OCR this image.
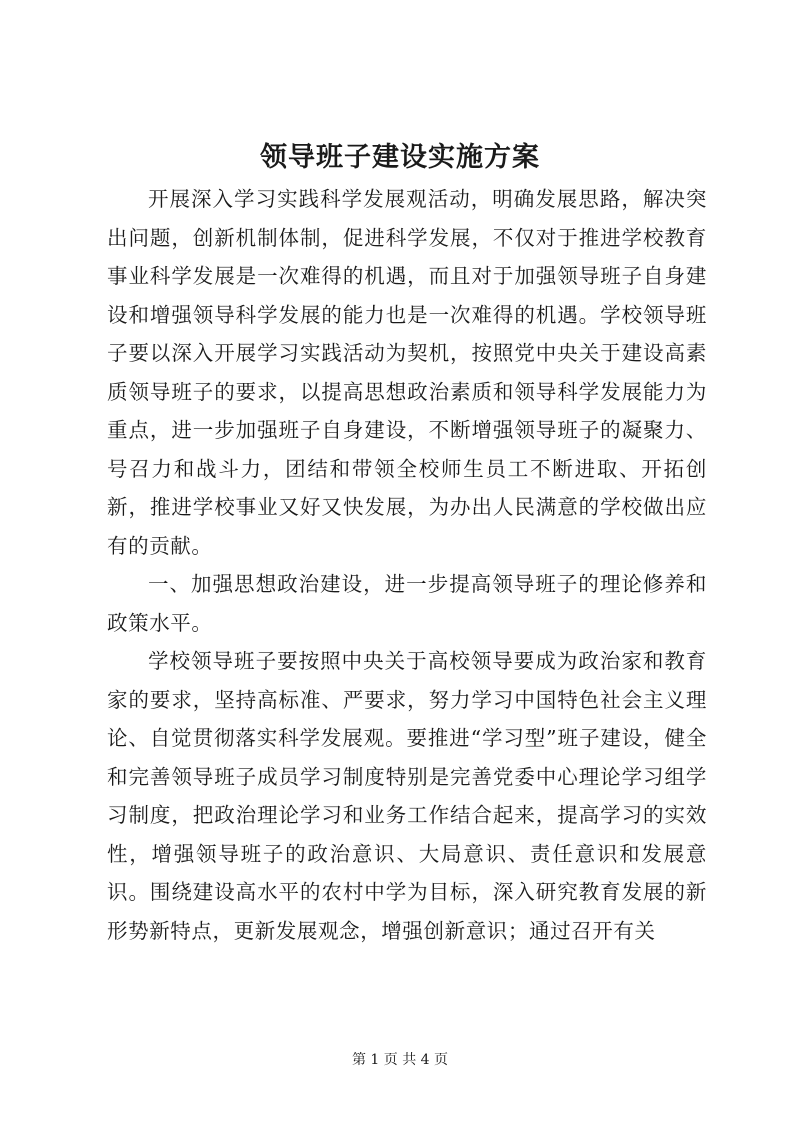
领导班子建设实施方案

开展深入学习实践科学发展观活动，明确发展思路，解决突出问题，创新机制体制，促进科学发展，不仅对于推进学校教育事业科学发展是一次难得的机遇，而且对于加强领导班子自身建设和增强领导科学发展的能力也是一次难得的机遇。学校领导班子要以深入开展学习实践活动为契机，按照党中央关于建设高素质领导班子的要求，以提高思想政治素质和领导科学发展能力为重点，进一步加强班子自身建设，不断增强领导班子的凝聚力、号召力和战斗力，团结和带领全校师生员工不断进取、开拓创新，推进学校事业又好又快发展，为办出人民满意的学校做出应有的贡献。

一、加强思想政治建设，进一步提高领导班子的理论修养和政策水平。

学校领导班子要按照中央关于高校领导要成为政治家和教育家的要求，坚持高标准、严要求，努力学习中国特色社会主义理论、自觉贯彻落实科学发展观。要推进“学习型”班子建设，健全和完善领导班子成员学习制度特别是完善党委中心理论学习组学习制度，把政治理论学习和业务工作结合起来，提高学习的实效性，增强领导班子的政治意识、大局意识、责任意识和发展意识。围绕建设高水平的农村中学为目标，深入研究教育发展的新形势新特点，更新发展观念，增强创新意识；通过召开有关

第 1 页 共 4 页
